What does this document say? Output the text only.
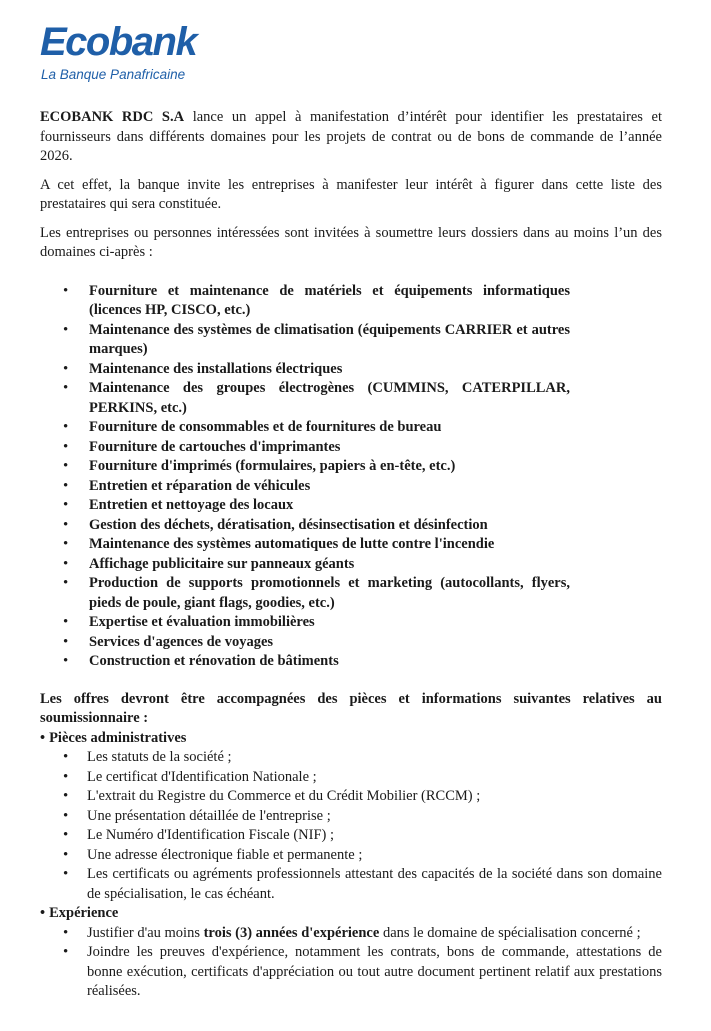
Ecobank
La Banque Panafricaine

ECOBANK RDC S.A lance un appel à manifestation d’intérêt pour identifier les prestataires et fournisseurs dans différents domaines pour les projets de contrat ou de bons de commande de l’année 2026.

A cet effet, la banque invite les entreprises à manifester leur intérêt à figurer dans cette liste des prestataires qui sera constituée.

Les entreprises ou personnes intéressées sont invitées à soumettre leurs dossiers dans au moins l’un des domaines ci-après :

• Fourniture et maintenance de matériels et équipements informatiques (licences HP, CISCO, etc.)
• Maintenance des systèmes de climatisation (équipements CARRIER et autres marques)
• Maintenance des installations électriques
• Maintenance des groupes électrogènes (CUMMINS, CATERPILLAR, PERKINS, etc.)
• Fourniture de consommables et de fournitures de bureau
• Fourniture de cartouches d'imprimantes
• Fourniture d'imprimés (formulaires, papiers à en-tête, etc.)
• Entretien et réparation de véhicules
• Entretien et nettoyage des locaux
• Gestion des déchets, dératisation, désinsectisation et désinfection
• Maintenance des systèmes automatiques de lutte contre l'incendie
• Affichage publicitaire sur panneaux géants
• Production de supports promotionnels et marketing (autocollants, flyers, pieds de poule, giant flags, goodies, etc.)
• Expertise et évaluation immobilières
• Services d'agences de voyages
• Construction et rénovation de bâtiments

Les offres devront être accompagnées des pièces et informations suivantes relatives au soumissionnaire :

• Pièces administratives
• Les statuts de la société ;
• Le certificat d'Identification Nationale ;
• L'extrait du Registre du Commerce et du Crédit Mobilier (RCCM) ;
• Une présentation détaillée de l'entreprise ;
• Le Numéro d'Identification Fiscale (NIF) ;
• Une adresse électronique fiable et permanente ;
• Les certificats ou agréments professionnels attestant des capacités de la société dans son domaine de spécialisation, le cas échéant.
• Expérience
• Justifier d'au moins trois (3) années d'expérience dans le domaine de spécialisation concerné ;
• Joindre les preuves d'expérience, notamment les contrats, bons de commande, attestations de bonne exécution, certificats d'appréciation ou tout autre document pertinent relatif aux prestations réalisées.
